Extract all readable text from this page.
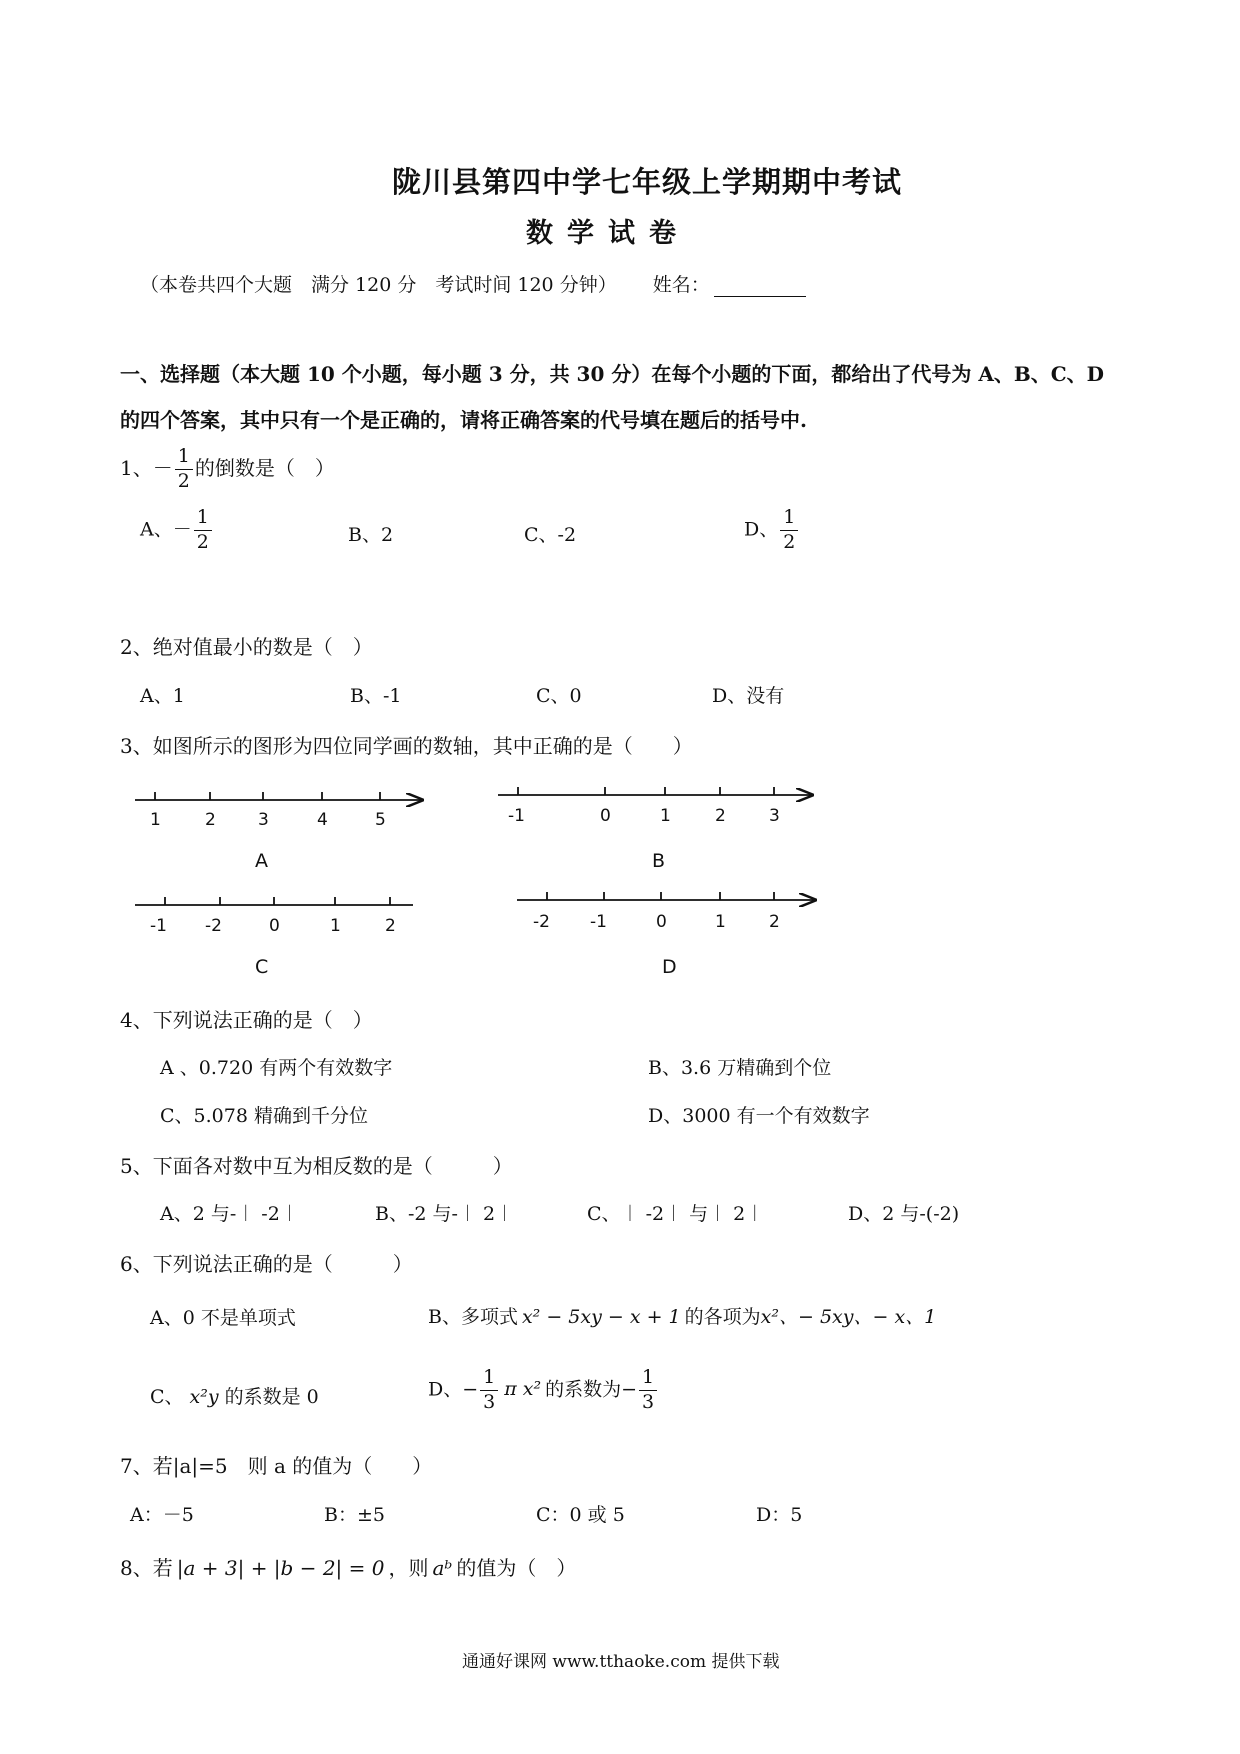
陇川县第四中学七年级上学期期中考试
数学试卷
（本卷共四个大题　满分 120 分　考试时间 120 分钟） 姓名：
一、选择题（本大题 10 个小题，每小题 3 分，共 30 分）在每个小题的下面，都给出了代号为 A、B、C、D
的四个答案，其中只有一个是正确的，请将正确答案的代号填在题后的括号中.
1、－ $\frac{1}{2}$ 的倒数是（　）
A、－ $\frac{1}{2}$	B、2	C、-2	D、 $\frac{1}{2}$
2、绝对值最小的数是（　）
A、1	B、-1	C、0	D、没有
3、如图所示的图形为四位同学画的数轴，其中正确的是（　　）
1	2 3	4	5
A
-1	0	1	2	3
B
-1 -2	0	1	2
C
-2 -1	0	1	2
D
4、下列说法正确的是（　）
A 、0.720 有两个有效数字	B、3.6 万精确到个位
C、5.078 精确到千分位	D、3000 有一个有效数字
5、下面各对数中互为相反数的是（　　　）
A、2 与-︱ -2︱	B、-2 与-︱ 2︱	C、︱ -2︱ 与︱ 2︱	D、2 与-(-2)
6、下列说法正确的是（　　　）
A、0 不是单项式	B、多项式 x² − 5xy − x + 1 的各项为x²、− 5xy、− x、1
C、 x²y 的系数是 0	D、− $\frac{1}{3}$ π x² 的系数为− $\frac{1}{3}$
7、若|a|=5　则 a 的值为（　　）
A：－5	B：±5	C：0 或 5	D：5
8、若 |a + 3| + |b − 2| = 0 ，则 aᵇ 的值为（　）
通通好课网 www.tthaoke.com 提供下载
